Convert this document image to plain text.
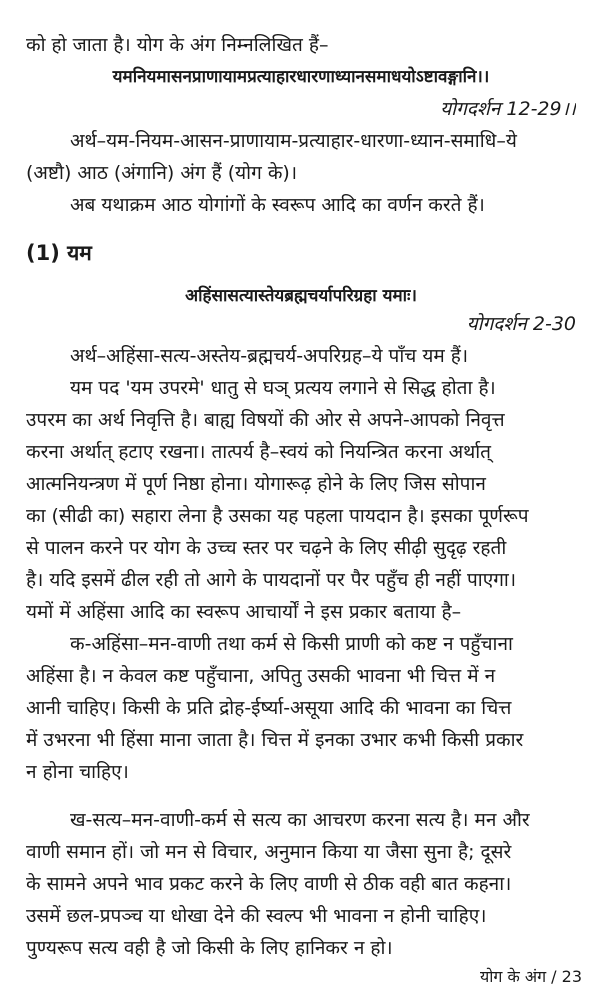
को हो जाता है। योग के अंग निम्नलिखित हैं–
यमनियमासनप्राणायामप्रत्याहारधारणाध्यानसमाधयोऽष्टावङ्गानि।।
योगदर्शन 12-29।।
अर्थ–यम-नियम-आसन-प्राणायाम-प्रत्याहार-धारणा-ध्यान-समाधि–ये
(अष्टौ) आठ (अंगानि) अंग हैं (योग के)।
अब यथाक्रम आठ योगांगों के स्वरूप आदि का वर्णन करते हैं।
(1) यम
अहिंसासत्यास्तेयब्रह्मचर्यापरिग्रहा यमाः।
योगदर्शन 2-30
अर्थ–अहिंसा-सत्य-अस्तेय-ब्रह्मचर्य-अपरिग्रह–ये पाँच यम हैं।
यम पद 'यम उपरमे' धातु से घञ् प्रत्यय लगाने से सिद्ध होता है।
उपरम का अर्थ निवृत्ति है। बाह्य विषयों की ओर से अपने-आपको निवृत्त
करना अर्थात् हटाए रखना। तात्पर्य है–स्वयं को नियन्त्रित करना अर्थात्
आत्मनियन्त्रण में पूर्ण निष्ठा होना। योगारूढ़ होने के लिए जिस सोपान
का (सीढी का) सहारा लेना है उसका यह पहला पायदान है। इसका पूर्णरूप
से पालन करने पर योग के उच्च स्तर पर चढ़ने के लिए सीढ़ी सुदृढ़ रहती
है। यदि इसमें ढील रही तो आगे के पायदानों पर पैर पहुँच ही नहीं पाएगा।
यमों में अहिंसा आदि का स्वरूप आचार्यों ने इस प्रकार बताया है–
क-अहिंसा–मन-वाणी तथा कर्म से किसी प्राणी को कष्ट न पहुँचाना
अहिंसा है। न केवल कष्ट पहुँचाना, अपितु उसकी भावना भी चित्त में न
आनी चाहिए। किसी के प्रति द्रोह-ईर्ष्या-असूया आदि की भावना का चित्त
में उभरना भी हिंसा माना जाता है। चित्त में इनका उभार कभी किसी प्रकार
न होना चाहिए।
ख-सत्य–मन-वाणी-कर्म से सत्य का आचरण करना सत्य है। मन और
वाणी समान हों। जो मन से विचार, अनुमान किया या जैसा सुना है; दूसरे
के सामने अपने भाव प्रकट करने के लिए वाणी से ठीक वही बात कहना।
उसमें छल-प्रपञ्च या धोखा देने की स्वल्प भी भावना न होनी चाहिए।
पुण्यरूप सत्य वही है जो किसी के लिए हानिकर न हो।
योग के अंग / 23
